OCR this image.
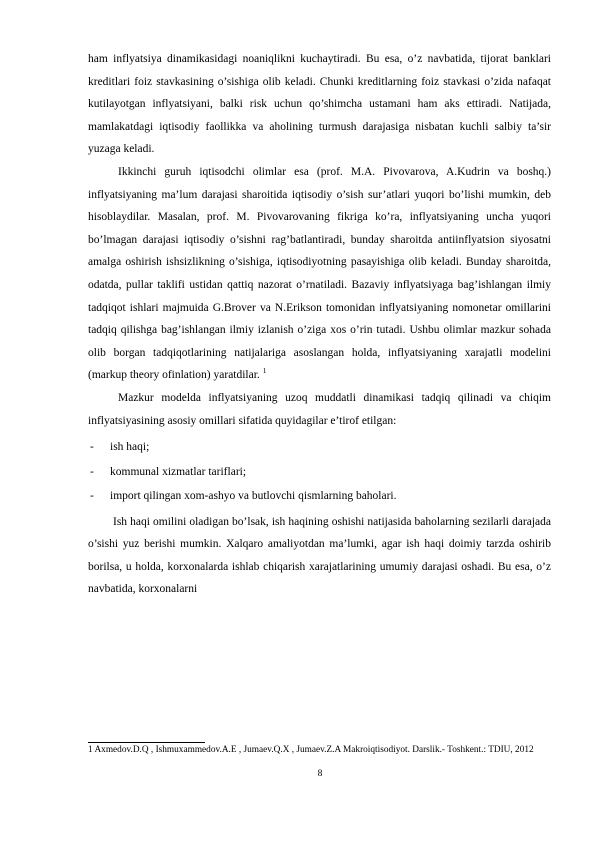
ham inflyatsiya dinamikasidagi noaniqlikni kuchaytiradi. Bu esa, o’z navbatida, tijorat banklari kreditlari foiz stavkasining o’sishiga olib keladi. Chunki kreditlarning foiz stavkasi o’zida nafaqat kutilayotgan inflyatsiyani, balki risk uchun qo’shimcha ustamani ham aks ettiradi. Natijada, mamlakatdagi iqtisodiy faollikka va aholining turmush darajasiga nisbatan kuchli salbiy ta’sir yuzaga keladi.

Ikkinchi guruh iqtisodchi olimlar esa (prof. M.A. Pivovarova, A.Kudrin va boshq.) inflyatsiyaning ma’lum darajasi sharoitida iqtisodiy o’sish sur’atlari yuqori bo’lishi mumkin, deb hisoblaydilar. Masalan, prof. M. Pivovarovaning fikriga ko’ra, inflyatsiyaning uncha yuqori bo’lmagan darajasi iqtisodiy o’sishni rag’batlantiradi, bunday sharoitda antiinflyatsion siyosatni amalga oshirish ishsizlikning o’sishiga, iqtisodiyotning pasayishiga olib keladi. Bunday sharoitda, odatda, pullar taklifi ustidan qattiq nazorat o’rnatiladi. Bazaviy inflyatsiyaga bag’ishlangan ilmiy tadqiqot ishlari majmuida G.Brover va N.Erikson tomonidan inflyatsiyaning nomonetar omillarini tadqiq qilishga bag’ishlangan ilmiy izlanish o’ziga xos o’rin tutadi. Ushbu olimlar mazkur sohada olib borgan tadqiqotlarining natijalariga asoslangan holda, inflyatsiyaning xarajatli modelini (markup theory ofinlation) yaratdilar. $^1$

Mazkur modelda inflyatsiyaning uzoq muddatli dinamikasi tadqiq qilinadi va chiqim inflyatsiyasining asosiy omillari sifatida quyidagilar e’tirof etilgan:

- ish haqi;
- kommunal xizmatlar tariflari;
- import qilingan xom-ashyo va butlovchi qismlarning baholari.

Ish haqi omilini oladigan bo’lsak, ish haqining oshishi natijasida baholarning sezilarli darajada o’sishi yuz berishi mumkin. Xalqaro amaliyotdan ma’lumki, agar ish haqi doimiy tarzda oshirib borilsa, u holda, korxonalarda ishlab chiqarish xarajatlarining umumiy darajasi oshadi. Bu esa, o’z navbatida, korxonalarni

1 Axmedov.D.Q , Ishmuxammedov.A.E , Jumaev.Q.X , Jumaev.Z.A Makroiqtisodiyot. Darslik.- Toshkent.: TDIU, 2012
8
